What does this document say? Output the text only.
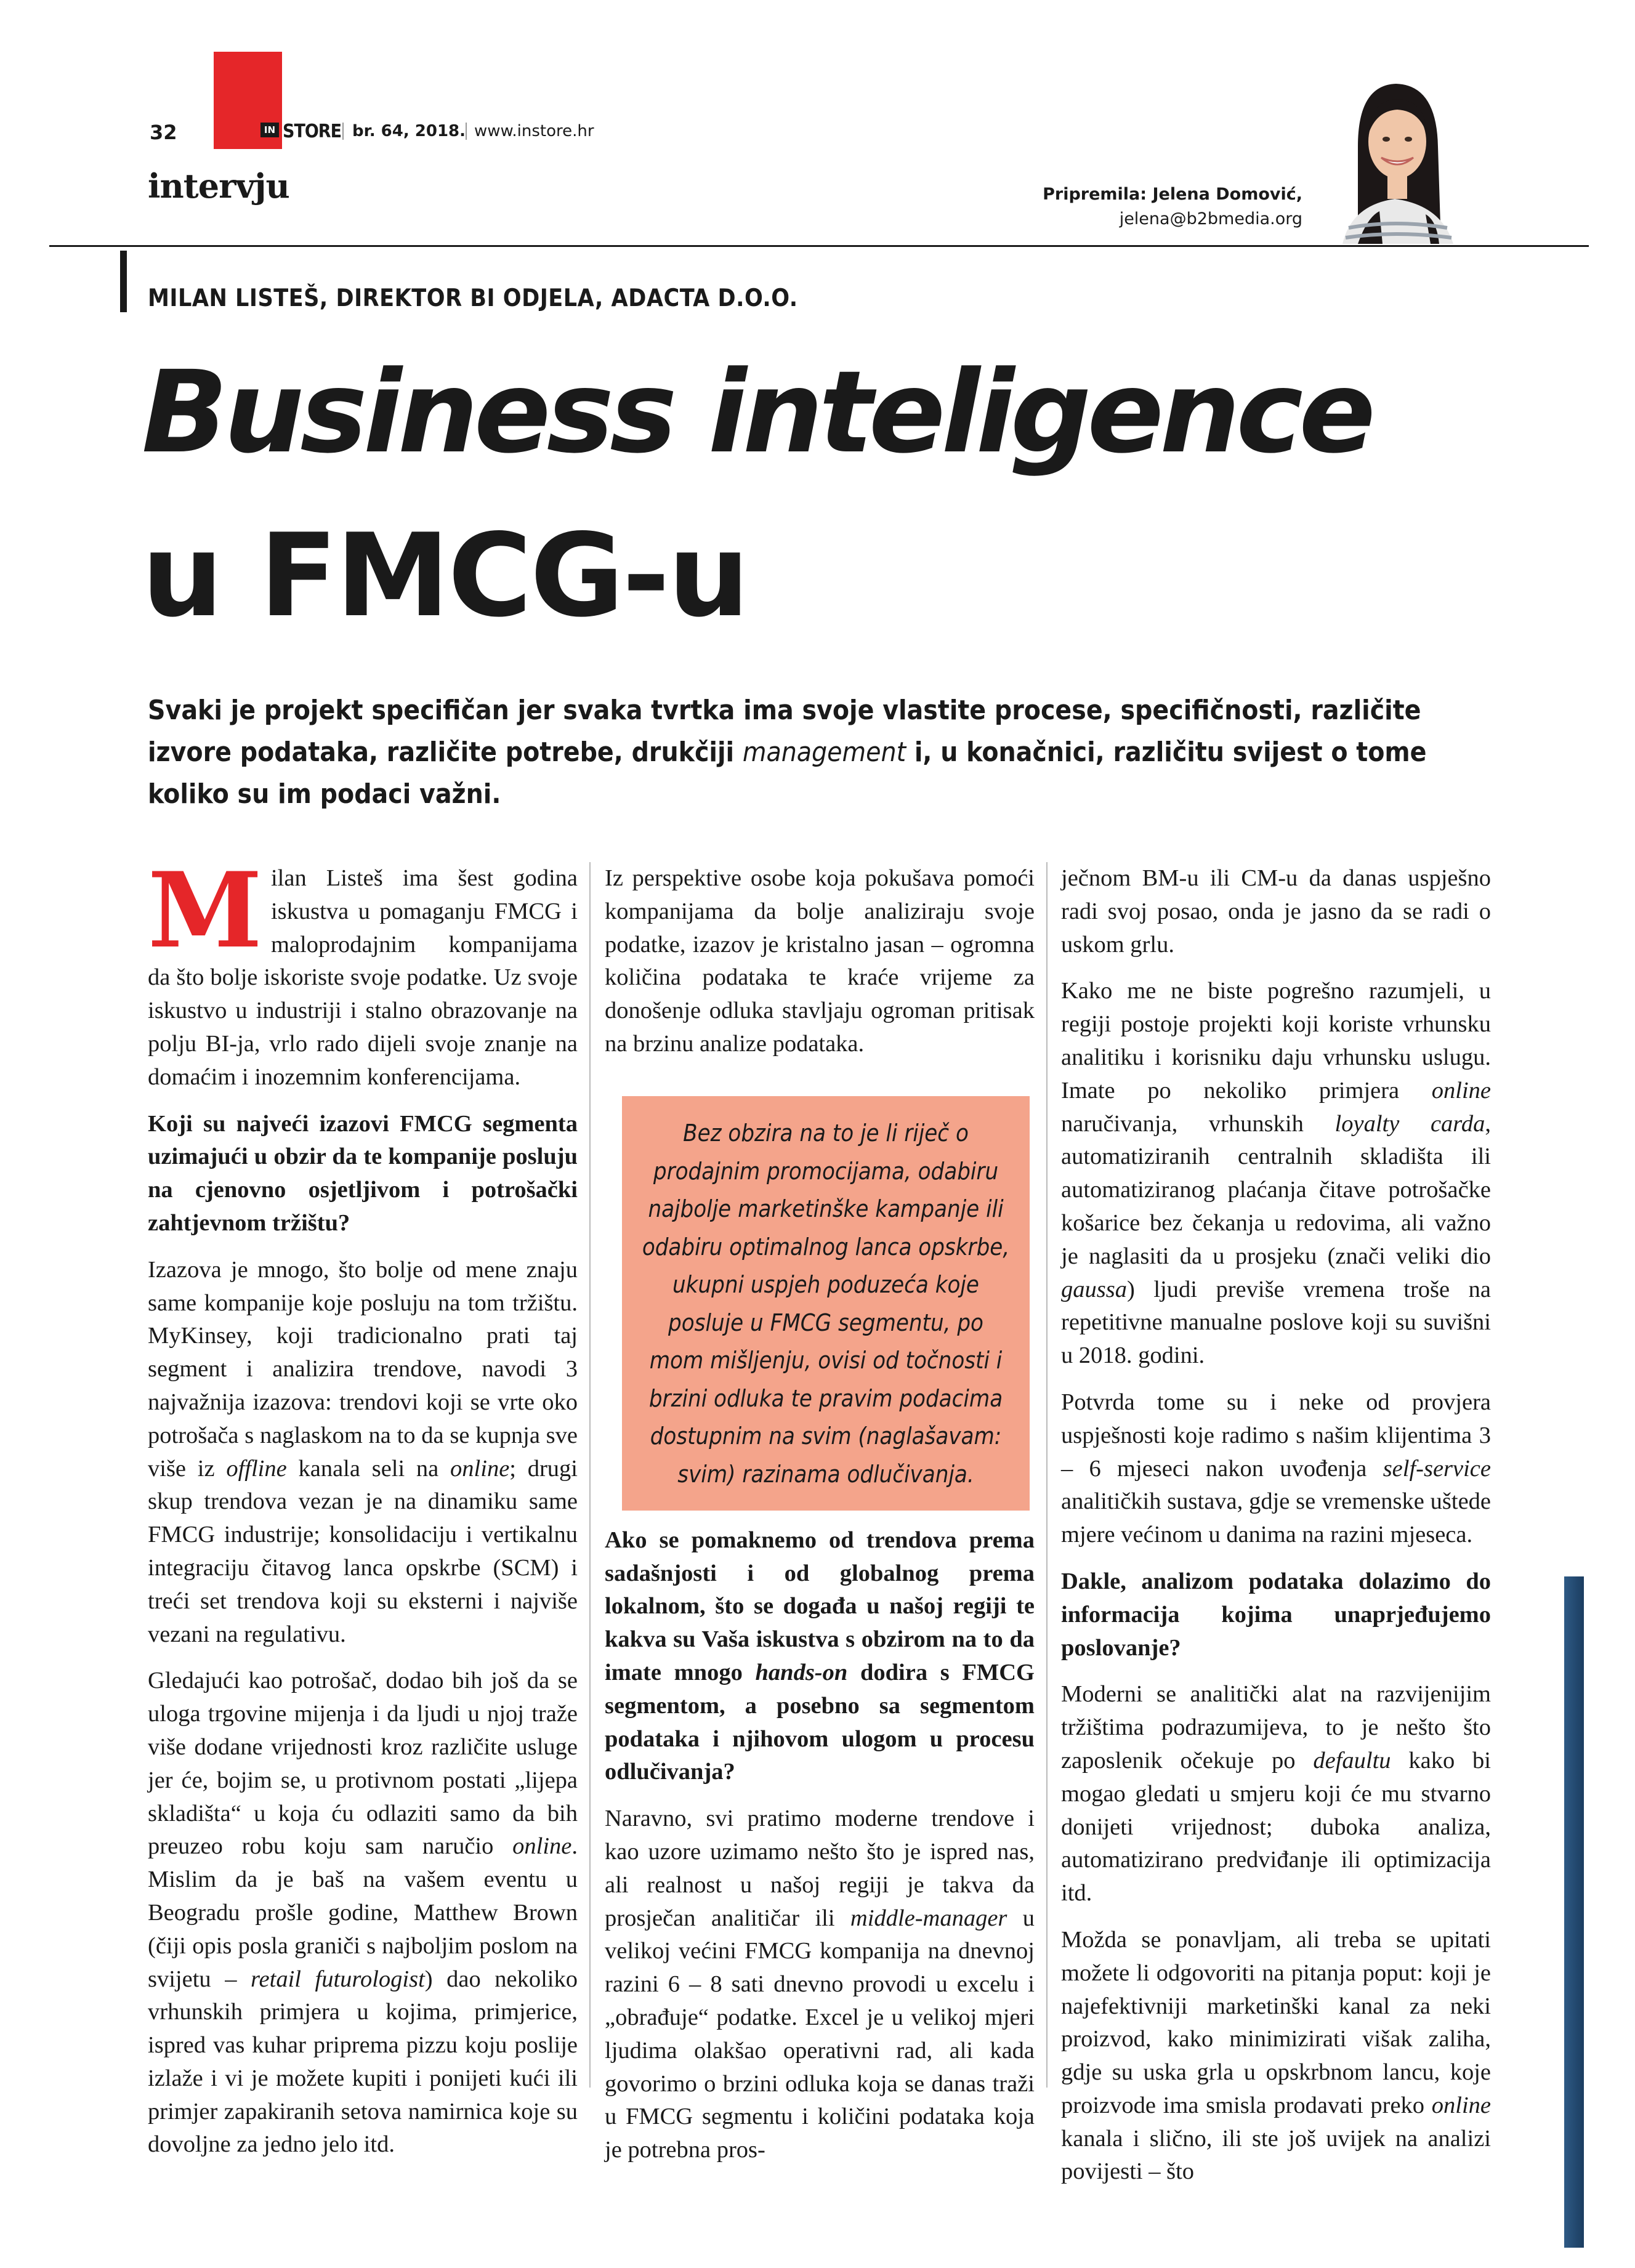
32	IN STORE br. 64, 2018. www.instore.hr
intervju	Pripremila: Jelena Domović,
jelena@b2bmedia.org
MILAN LISTEŠ, DIREKTOR BI ODJELA, ADACTA D.O.O.
Business inteligence
u FMCG-u
Svaki je projekt specifičan jer svaka tvrtka ima svoje vlastite procese, specifičnosti, različite izvore podataka, različite potrebe, drukčiji management i, u konačnici, različitu svijest o tome koliko su im podaci važni.

Milan Listeš ima šest godina iskustva u pomaganju FMCG i maloprodajnim kompanijama da što bolje iskoriste svoje podatke. Uz svoje iskustvo u industriji i stalno obrazovanje na polju BI-ja, vrlo rado dijeli svoje znanje na domaćim i inozemnim konferencijama.

Koji su najveći izazovi FMCG segmenta uzimajući u obzir da te kompanije posluju na cjenovno osjetljivom i potrošački zahtjevnom tržištu?

Izazova je mnogo, što bolje od mene znaju same kompanije koje posluju na tom tržištu. MyKinsey, koji tradicionalno prati taj segment i analizira trendove, navodi 3 najvažnija izazova: trendovi koji se vrte oko potrošača s naglaskom na to da se kupnja sve više iz offline kanala seli na online; drugi skup trendova vezan je na dinamiku same FMCG industrije; konsolidaciju i vertikalnu integraciju čitavog lanca opskrbe (SCM) i treći set trendova koji su eksterni i najviše vezani na regulativu.

Gledajući kao potrošač, dodao bih još da se uloga trgovine mijenja i da ljudi u njoj traže više dodane vrijednosti kroz različite usluge jer će, bojim se, u protivnom postati „lijepa skladišta“ u koja ću odlaziti samo da bih preuzeo robu koju sam naručio online. Mislim da je baš na vašem eventu u Beogradu prošle godine, Matthew Brown (čiji opis posla graniči s najboljim poslom na svijetu – retail futurologist) dao nekoliko vrhunskih primjera u kojima, primjerice, ispred vas kuhar priprema pizzu koju poslije izlaže i vi je možete kupiti i ponijeti kući ili primjer zapakiranih setova namirnica koje su dovoljne za jedno jelo itd.

Iz perspektive osobe koja pokušava pomoći kompanijama da bolje analiziraju svoje podatke, izazov je kristalno jasan – ogromna količina podataka te kraće vrijeme za donošenje odluka stavljaju ogroman pritisak na brzinu analize podataka.

Ako se pomaknemo od trendova prema sadašnjosti i od globalnog prema lokalnom, što se događa u našoj regiji te kakva su Vaša iskustva s obzirom na to da imate mnogo hands-on dodira s FMCG segmentom, a posebno sa segmentom podataka i njihovom ulogom u procesu odlučivanja?

Naravno, svi pratimo moderne trendove i kao uzore uzimamo nešto što je ispred nas, ali realnost u našoj regiji je takva da prosječan analitičar ili middle-manager u velikoj većini FMCG kompanija na dnevnoj razini 6 – 8 sati dnevno provodi u excelu i „obrađuje“ podatke. Excel je u velikoj mjeri ljudima olakšao operativni rad, ali kada govorimo o brzini odluka koja se danas traži u FMCG segmentu i količini podataka koja je potrebna pros-

Bez obzira na to je li riječ o prodajnim promocijama, odabiru najbolje marketinške kampanje ili odabiru optimalnog lanca opskrbe, ukupni uspjeh poduzeća koje posluje u FMCG segmentu, po mom mišljenju, ovisi od točnosti i brzini odluka te pravim podacima dostupnim na svim (naglašavam: svim) razinama odlučivanja.

ječnom BM-u ili CM-u da danas uspješno radi svoj posao, onda je jasno da se radi o uskom grlu.

Kako me ne biste pogrešno razumjeli, u regiji postoje projekti koji koriste vrhunsku analitiku i korisniku daju vrhunsku uslugu. Imate po nekoliko primjera online naručivanja, vrhunskih loyalty carda, automatiziranih centralnih skladišta ili automatiziranog plaćanja čitave potrošačke košarice bez čekanja u redovima, ali važno je naglasiti da u prosjeku (znači veliki dio gaussa) ljudi previše vremena troše na repetitivne manualne poslove koji su suvišni u 2018. godini.

Potvrda tome su i neke od provjera uspješnosti koje radimo s našim klijentima 3 – 6 mjeseci nakon uvođenja self-service analitičkih sustava, gdje se vremenske uštede mjere većinom u danima na razini mjeseca.

Dakle, analizom podataka dolazimo do informacija kojima unaprjeđujemo poslovanje?

Moderni se analitički alat na razvijenijim tržištima podrazumijeva, to je nešto što zaposlenik očekuje po defaultu kako bi mogao gledati u smjeru koji će mu stvarno donijeti vrijednost; duboka analiza, automatizirano predviđanje ili optimizacija itd.

Možda se ponavljam, ali treba se upitati možete li odgovoriti na pitanja poput: koji je najefektivniji marketinški kanal za neki proizvod, kako minimizirati višak zaliha, gdje su uska grla u opskrbnom lancu, koje proizvode ima smisla prodavati preko online kanala i slično, ili ste još uvijek na analizi povijesti – što
